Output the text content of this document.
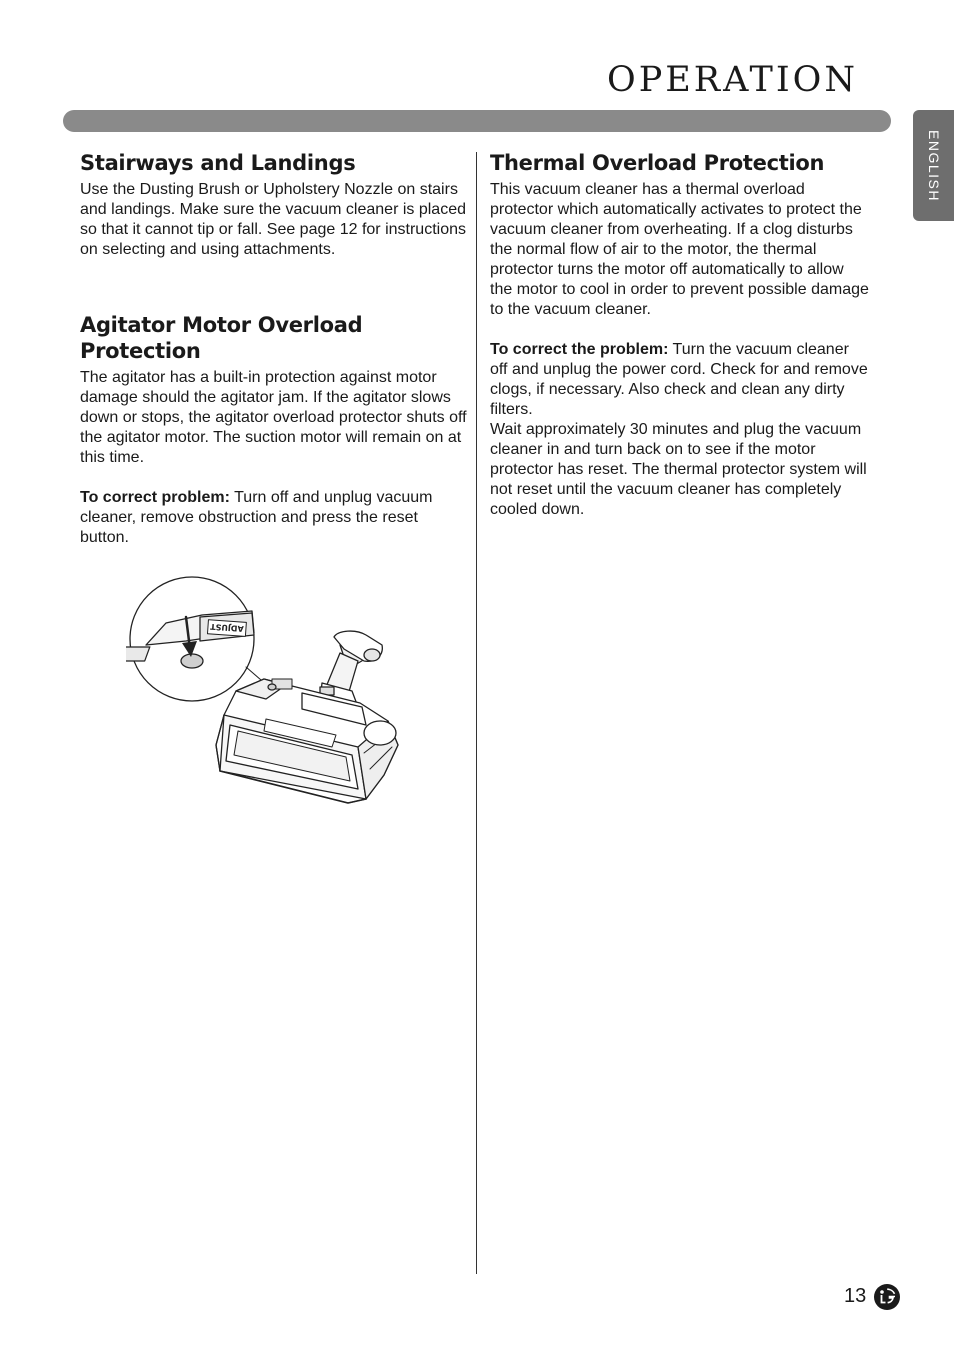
OPERATION
ENGLISH
Stairways and Landings

Use the Dusting Brush or Upholstery Nozzle on stairs and landings. Make sure the vacuum cleaner is placed so that it cannot tip or fall. See page 12 for instructions on selecting and using attachments.

Agitator Motor Overload
Protection

The agitator has a built-in protection against motor damage should the agitator jam. If the agitator slows down or stops, the agitator overload protector shuts off the agitator motor. The suction motor will remain on at this time.

To correct problem: Turn off and unplug vacuum cleaner, remove obstruction and press the reset button.

ADJUST
Thermal Overload Protection

This vacuum cleaner has a thermal overload protector which automatically activates to protect the vacuum cleaner from overheating. If a clog disturbs the normal flow of air to the motor, the thermal protector turns the motor off automatically to allow the motor to cool in order to prevent possible damage to the vacuum cleaner.

To correct the problem: Turn the vacuum cleaner off and unplug the power cord. Check for and remove clogs, if necessary. Also check and clean any dirty filters.

Wait approximately 30 minutes and plug the vacuum cleaner in and turn back on to see if the motor protector has reset. The thermal protector system will not reset until the vacuum cleaner has completely cooled down.

13
